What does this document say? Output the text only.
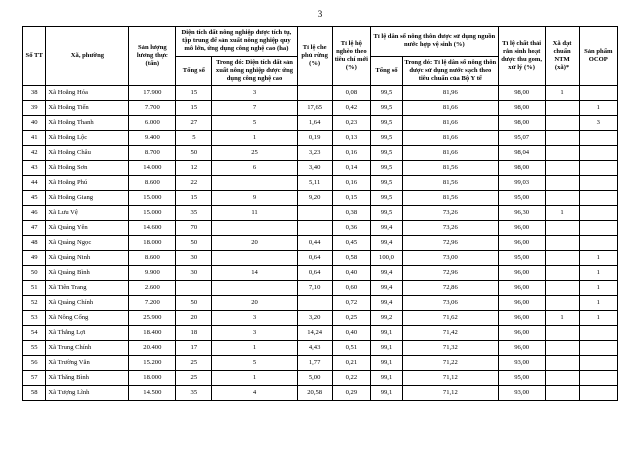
3
Số TT	Xã, phường	Sản lượng lương thực (tấn)	Diện tích đất nông nghiệp được tích tụ, tập trung để sản xuất nông nghiệp quy mô lớn, ứng dụng công nghệ cao (ha)		Tỉ lệ che phủ rừng (%)	Tỉ lệ hộ nghèo theo tiêu chí mới (%)	Tỉ lệ dân số nông thôn được sử dụng nguồn nước hợp vệ sinh (%)		Tỉ lệ chất thải rắn sinh hoạt được thu gom, xử lý (%)	Xã đạt chuẩn NTM (xã)*	Sản phẩm OCOP
			Tổng số	Trong đó: Diện tích đất sản xuất nông nghiệp được ứng dụng công nghệ cao			Tổng số	Trong đó: Tỉ lệ dân số nông thôn được sử dụng nước sạch theo tiêu chuẩn của Bộ Y tế			

38	Xã Hoằng Hóa	17.900	15	3		0,08	99,5	81,96	98,00	1	
39	Xã Hoằng Tiến	7.700	15	7	17,65	0,42	99,5	81,66	98,00		1
40	Xã Hoằng Thanh	6.000	27	5	1,64	0,23	99,5	81,66	98,00		3
41	Xã Hoằng Lộc	9.400	5	1	0,19	0,13	99,5	81,66	95,07		
42	Xã Hoằng Châu	8.700	50	25	3,23	0,16	99,5	81,66	98,04		
43	Xã Hoằng Sơn	14.000	12	6	3,40	0,14	99,5	81,56	98,00		
44	Xã Hoằng Phú	8.600	22		5,11	0,16	99,5	81,56	99,03		
45	Xã Hoằng Giang	15.000	15	9	9,20	0,15	99,5	81,56	95,00		
46	Xã Lưu Vệ	15.000	35	11		0,38	99,5	73,26	96,30	1	
47	Xã Quảng Yên	14.600	70			0,36	99,4	73,26	96,00		
48	Xã Quảng Ngọc	18.000	50	20	0,44	0,45	99,4	72,96	96,00		
49	Xã Quảng Ninh	8.600	30		0,64	0,58	100,0	73,00	95,00		1
50	Xã Quảng Bình	9.900	30	14	0,64	0,40	99,4	72,96	96,00		1
51	Xã Tiên Trang	2.600			7,10	0,60	99,4	72,86	96,00		1
52	Xã Quảng Chính	7.200	50	20		0,72	99,4	73,06	96,00		1
53	Xã Nông Cống	25.900	20	3	3,20	0,25	99,2	71,62	96,00	1	1
54	Xã Thắng Lợi	18.400	18	3	14,24	0,40	99,1	71,42	96,00		
55	Xã Trung Chính	20.400	17	1	4,43	0,51	99,1	71,32	96,00		
56	Xã Trường Văn	15.200	25	5	1,77	0,21	99,1	71,22	93,00		
57	Xã Thăng Bình	18.000	25	1	5,00	0,22	99,1	71,12	95,00		
58	Xã Tượng Lĩnh	14.500	35	4	20,58	0,29	99,1	71,12	93,00		
